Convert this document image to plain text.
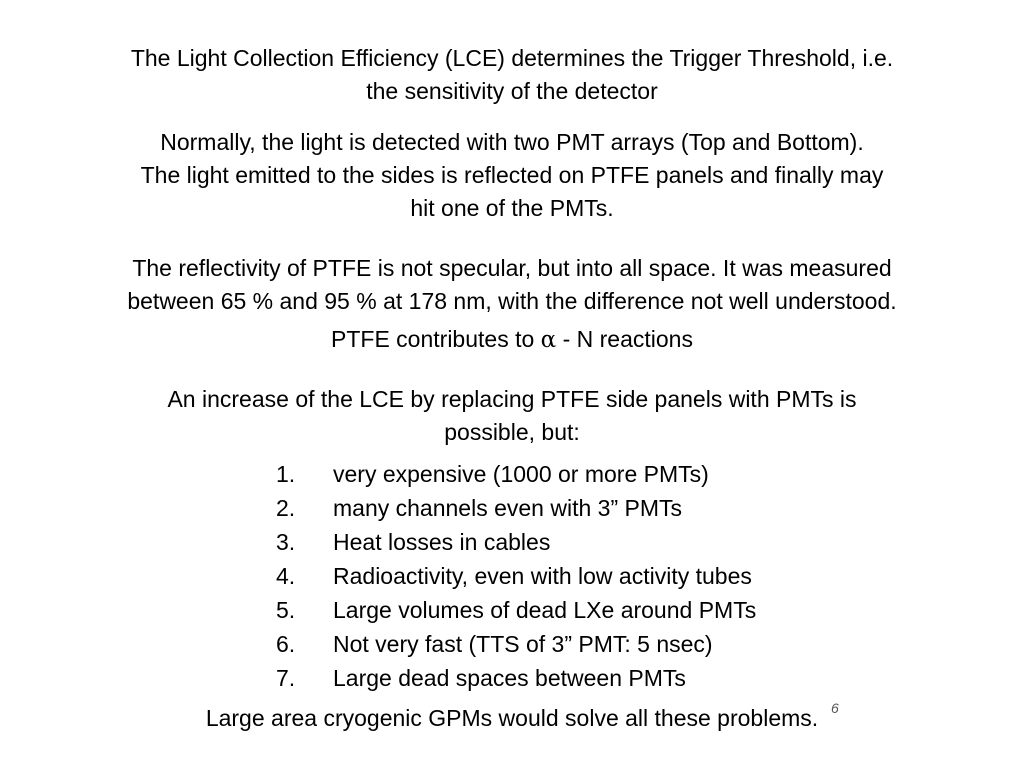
The Light Collection Efficiency (LCE) determines the Trigger Threshold, i.e.
the sensitivity of the detector

Normally, the light is detected with two PMT arrays (Top and Bottom).
The light emitted to the sides is reflected on PTFE panels and finally may
hit one of the PMTs.

The reflectivity of PTFE is not specular, but into all space. It was measured
between 65 % and 95 % at 178 nm, with the difference not well understood.

PTFE contributes to α - N reactions

An increase of the LCE by replacing PTFE side panels with PMTs is
possible, but:

1.	very expensive (1000 or more PMTs)
2.	many channels even with 3” PMTs
3.	Heat losses in cables
4.	Radioactivity, even with low activity tubes
5.	Large volumes of dead LXe around PMTs
6.	Not very fast (TTS of 3” PMT: 5 nsec)
7.	Large dead spaces between PMTs
6

Large area cryogenic GPMs would solve all these problems.
